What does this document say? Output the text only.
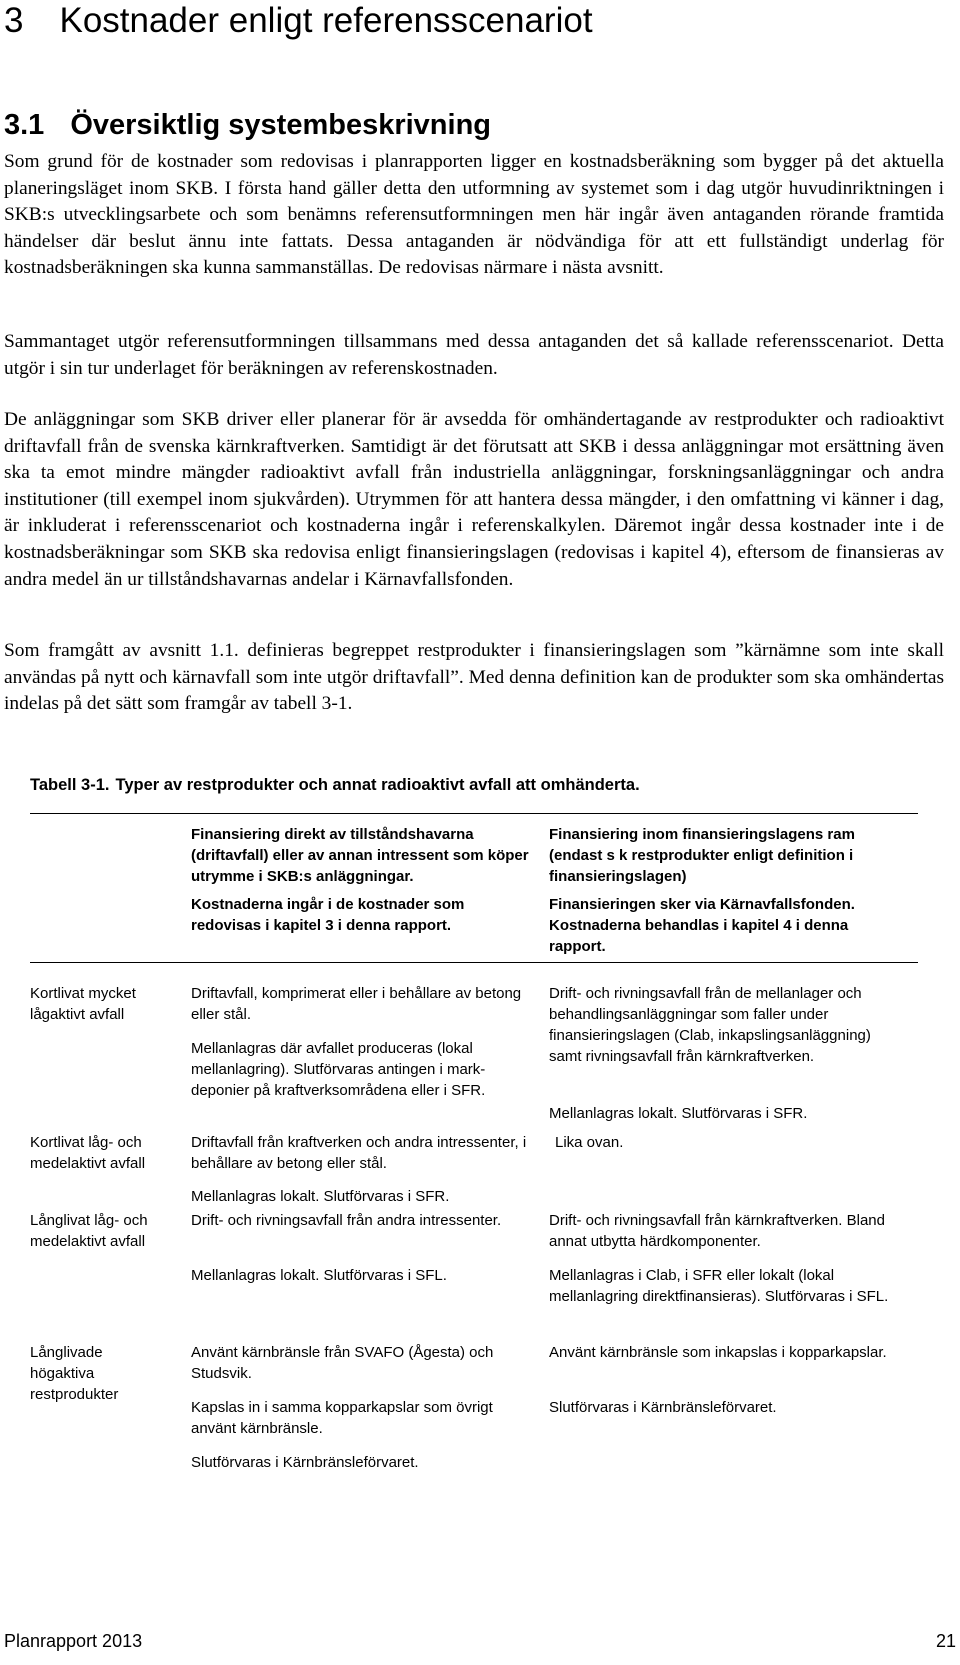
3 Kostnader enligt referensscenariot
3.1 Översiktlig systembeskrivning

Som grund för de kostnader som redovisas i planrapporten ligger en kostnadsberäkning som bygger på det aktuella planeringsläget inom SKB. I första hand gäller detta den utformning av systemet som i dag utgör huvudinriktningen i SKB:s utvecklingsarbete och som benämns referensutformningen men här ingår även antaganden rörande framtida händelser där beslut ännu inte fattats. Dessa antaganden är nödvändiga för att ett fullständigt underlag för kostnadsberäkningen ska kunna sammanställas. De redovisas närmare i nästa avsnitt.

Sammantaget utgör referensutformningen tillsammans med dessa antaganden det så kallade referensscenariot. Detta utgör i sin tur underlaget för beräkningen av referenskostnaden.

De anläggningar som SKB driver eller planerar för är avsedda för omhändertagande av restprodukter och radioaktivt driftavfall från de svenska kärnkraftverken. Samtidigt är det förutsatt att SKB i dessa anläggningar mot ersättning även ska ta emot mindre mängder radioaktivt avfall från industriella anläggningar, forskningsanläggningar och andra institutioner (till exempel inom sjukvården). Utrymmen för att hantera dessa mängder, i den omfattning vi känner i dag, är inkluderat i referensscenariot och kostnaderna ingår i referenskalkylen. Däremot ingår dessa kostnader inte i de kostnadsberäkningar som SKB ska redovisa enligt finansieringslagen (redovisas i kapitel 4), eftersom de finansieras av andra medel än ur tillståndshavarnas andelar i Kärnavfallsfonden.

Som framgått av avsnitt 1.1. definieras begreppet restprodukter i finansieringslagen som ”kärnämne som inte skall användas på nytt och kärnavfall som inte utgör driftavfall”. Med denna definition kan de produkter som ska omhändertas indelas på det sätt som framgår av tabell 3-1.

Tabell 3-1. Typer av restprodukter och annat radioaktivt avfall att omhänderta.

Finansiering direkt av tillståndshavarna (driftavfall) eller av annan intressent som köper utrymme i SKB:s anläggningar.

Kostnaderna ingår i de kostnader som redovisas i kapitel 3 i denna rapport.

Finansiering inom finansieringslagens ram (endast s k restprodukter enligt definition i finansieringslagen)

Finansieringen sker via Kärnavfallsfonden. Kostnaderna behandlas i kapitel 4 i denna rapport.

Kortlivat mycket lågaktivt avfall

Driftavfall, komprimerat eller i behållare av betong eller stål.

Mellanlagras där avfallet produceras (lokal mellanlagring). Slutförvaras antingen i mark-deponier på kraftverksområdena eller i SFR.

Drift- och rivningsavfall från de mellanlager och behandlingsanläggningar som faller under finansieringslagen (Clab, inkapslingsanläggning) samt rivningsavfall från kärnkraftverken.

Mellanlagras lokalt. Slutförvaras i SFR.

Kortlivat låg- och medelaktivt avfall

Driftavfall från kraftverken och andra intressenter, i behållare av betong eller stål.

Mellanlagras lokalt. Slutförvaras i SFR.

Lika ovan.

Långlivat låg- och medelaktivt avfall

Drift- och rivningsavfall från andra intressenter.

Mellanlagras lokalt. Slutförvaras i SFL.

Drift- och rivningsavfall från kärnkraftverken. Bland annat utbytta härdkomponenter.

Mellanlagras i Clab, i SFR eller lokalt (lokal mellanlagring direktfinansieras). Slutförvaras i SFL.

Långlivade högaktiva restprodukter

Använt kärnbränsle från SVAFO (Ågesta) och Studsvik.

Kapslas in i samma kopparkapslar som övrigt använt kärnbränsle.

Slutförvaras i Kärnbränsleförvaret.

Använt kärnbränsle som inkapslas i kopparkapslar.

Slutförvaras i Kärnbränsleförvaret.

Planrapport 2013	21
